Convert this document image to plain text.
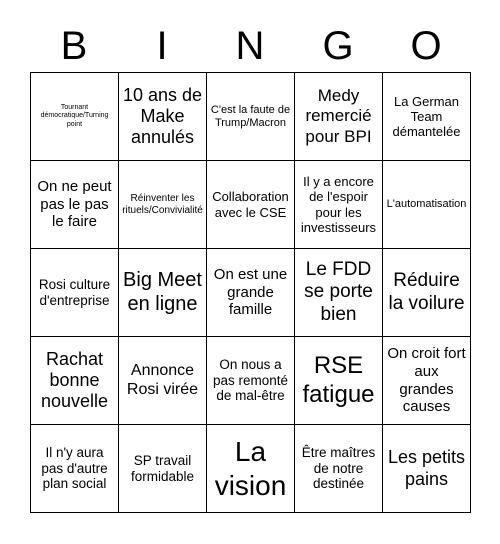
B	I	N	G	O
Tournant démocratique/Turning point	10 ans de Make annulés	C'est la faute de Trump/Macron	Medy remercié pour BPI	La German Team démantelée
On ne peut pas le pas le faire	Réinventer les rituels/Convivialité	Collaboration avec le CSE	Il y a encore de l'espoir pour les investisseurs	L'automatisation
Rosi culture d'entreprise	Big Meet en ligne	On est une grande famille	Le FDD se porte bien	Réduire la voilure
Rachat bonne nouvelle	Annonce Rosi virée	On nous a pas remonté de mal-être	RSE fatigue	On croit fort aux grandes causes
Il n'y aura pas d'autre plan social	SP travail formidable	La vision	Être maîtres de notre destinée	Les petits pains
